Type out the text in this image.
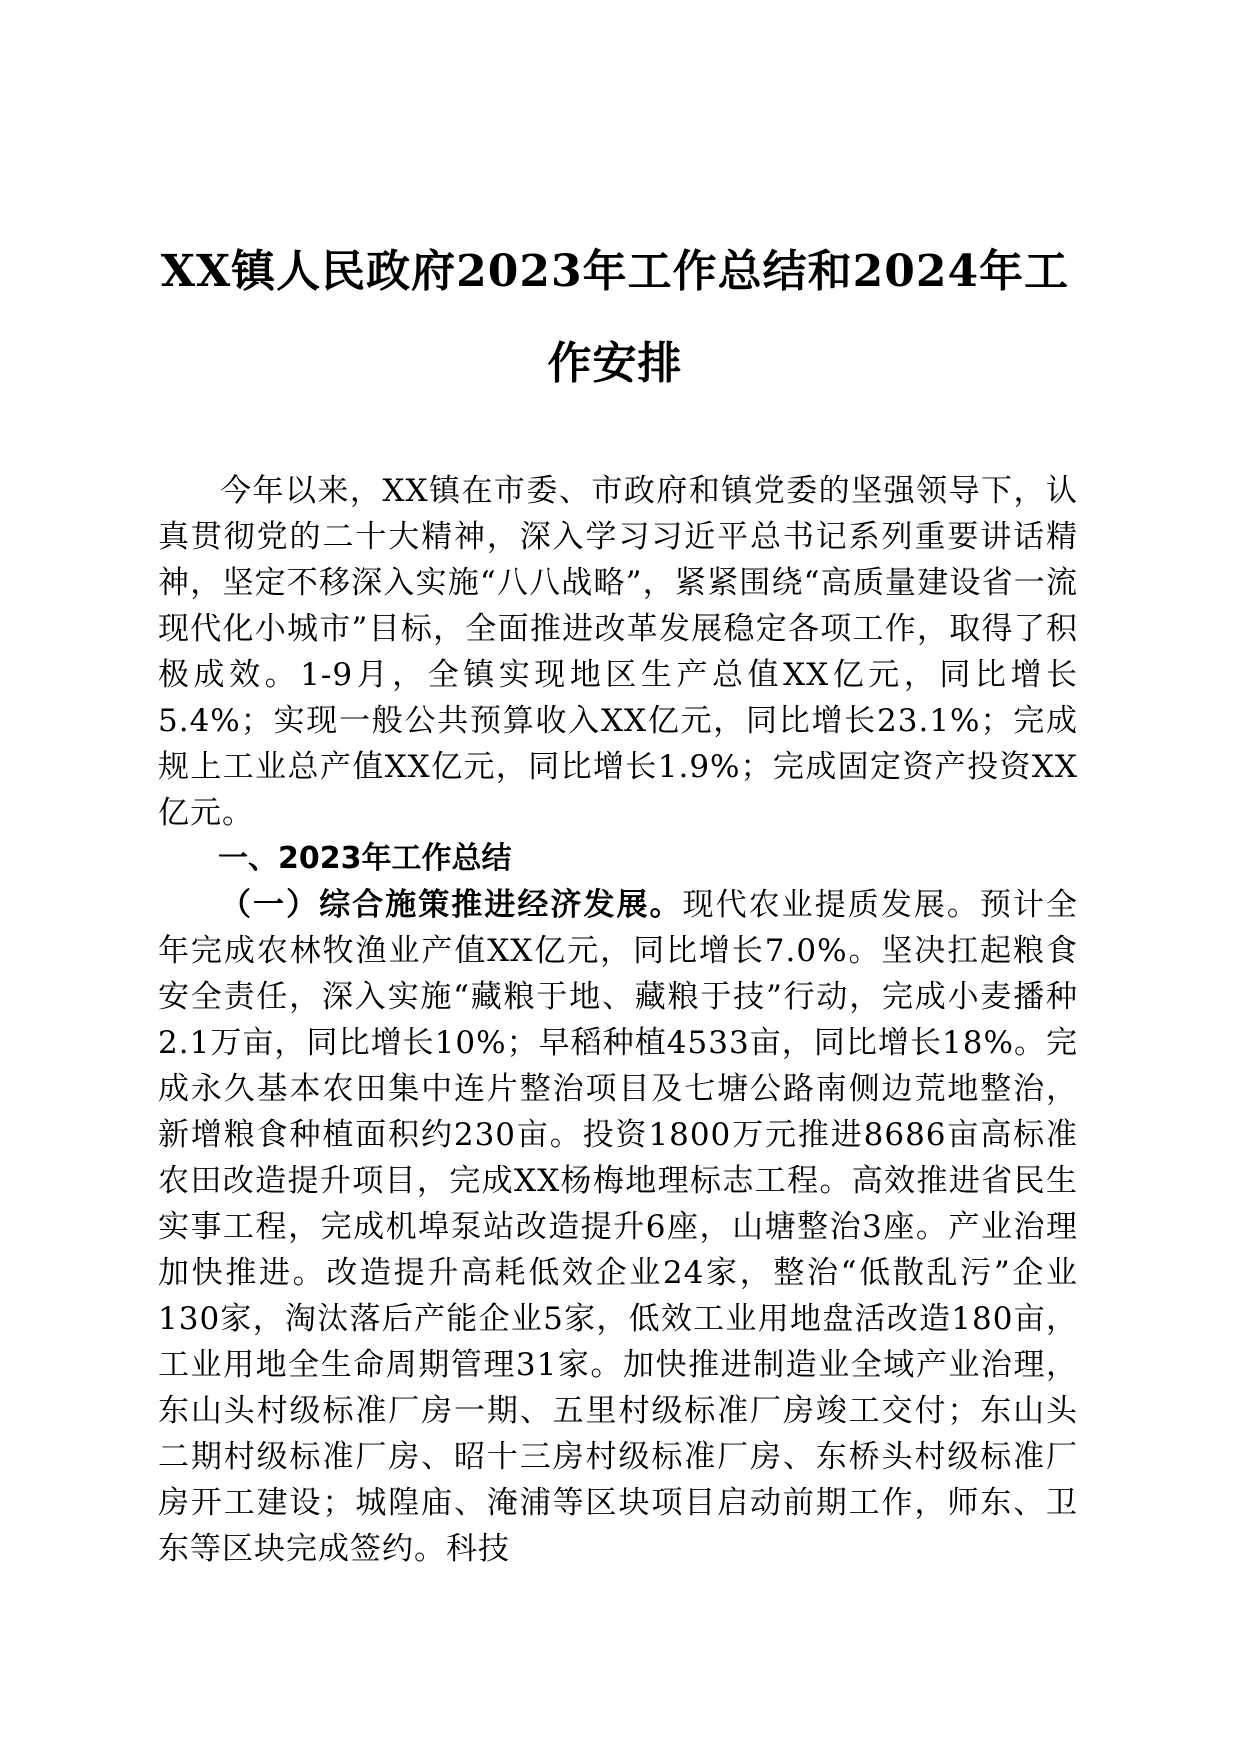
XX镇人民政府2023年工作总结和2024年工
作安排

今年以来，XX镇在市委、市政府和镇党委的坚强领导下，认真贯彻党的二十大精神，深入学习习近平总书记系列重要讲话精神，坚定不移深入实施“八八战略”，紧紧围绕“高质量建设省一流现代化小城市”目标，全面推进改革发展稳定各项工作，取得了积极成效。1-9月，全镇实现地区生产总值XX亿元，同比增长5.4%；实现一般公共预算收入XX亿元，同比增长23.1%；完成规上工业总产值XX亿元，同比增长1.9%；完成固定资产投资XX亿元。

一、2023年工作总结

（一）综合施策推进经济发展。现代农业提质发展。预计全年完成农林牧渔业产值XX亿元，同比增长7.0%。坚决扛起粮食安全责任，深入实施“藏粮于地、藏粮于技”行动，完成小麦播种2.1万亩，同比增长10%；早稻种植4533亩，同比增长18%。完成永久基本农田集中连片整治项目及七塘公路南侧边荒地整治，新增粮食种植面积约230亩。投资1800万元推进8686亩高标准农田改造提升项目，完成XX杨梅地理标志工程。高效推进省民生实事工程，完成机埠泵站改造提升6座，山塘整治3座。产业治理加快推进。改造提升高耗低效企业24家，整治“低散乱污”企业130家，淘汰落后产能企业5家，低效工业用地盘活改造180亩，工业用地全生命周期管理31家。加快推进制造业全域产业治理，东山头村级标准厂房一期、五里村级标准厂房竣工交付；东山头二期村级标准厂房、昭十三房村级标准厂房、东桥头村级标准厂房开工建设；城隍庙、淹浦等区块项目启动前期工作，师东、卫东等区块完成签约。科技
